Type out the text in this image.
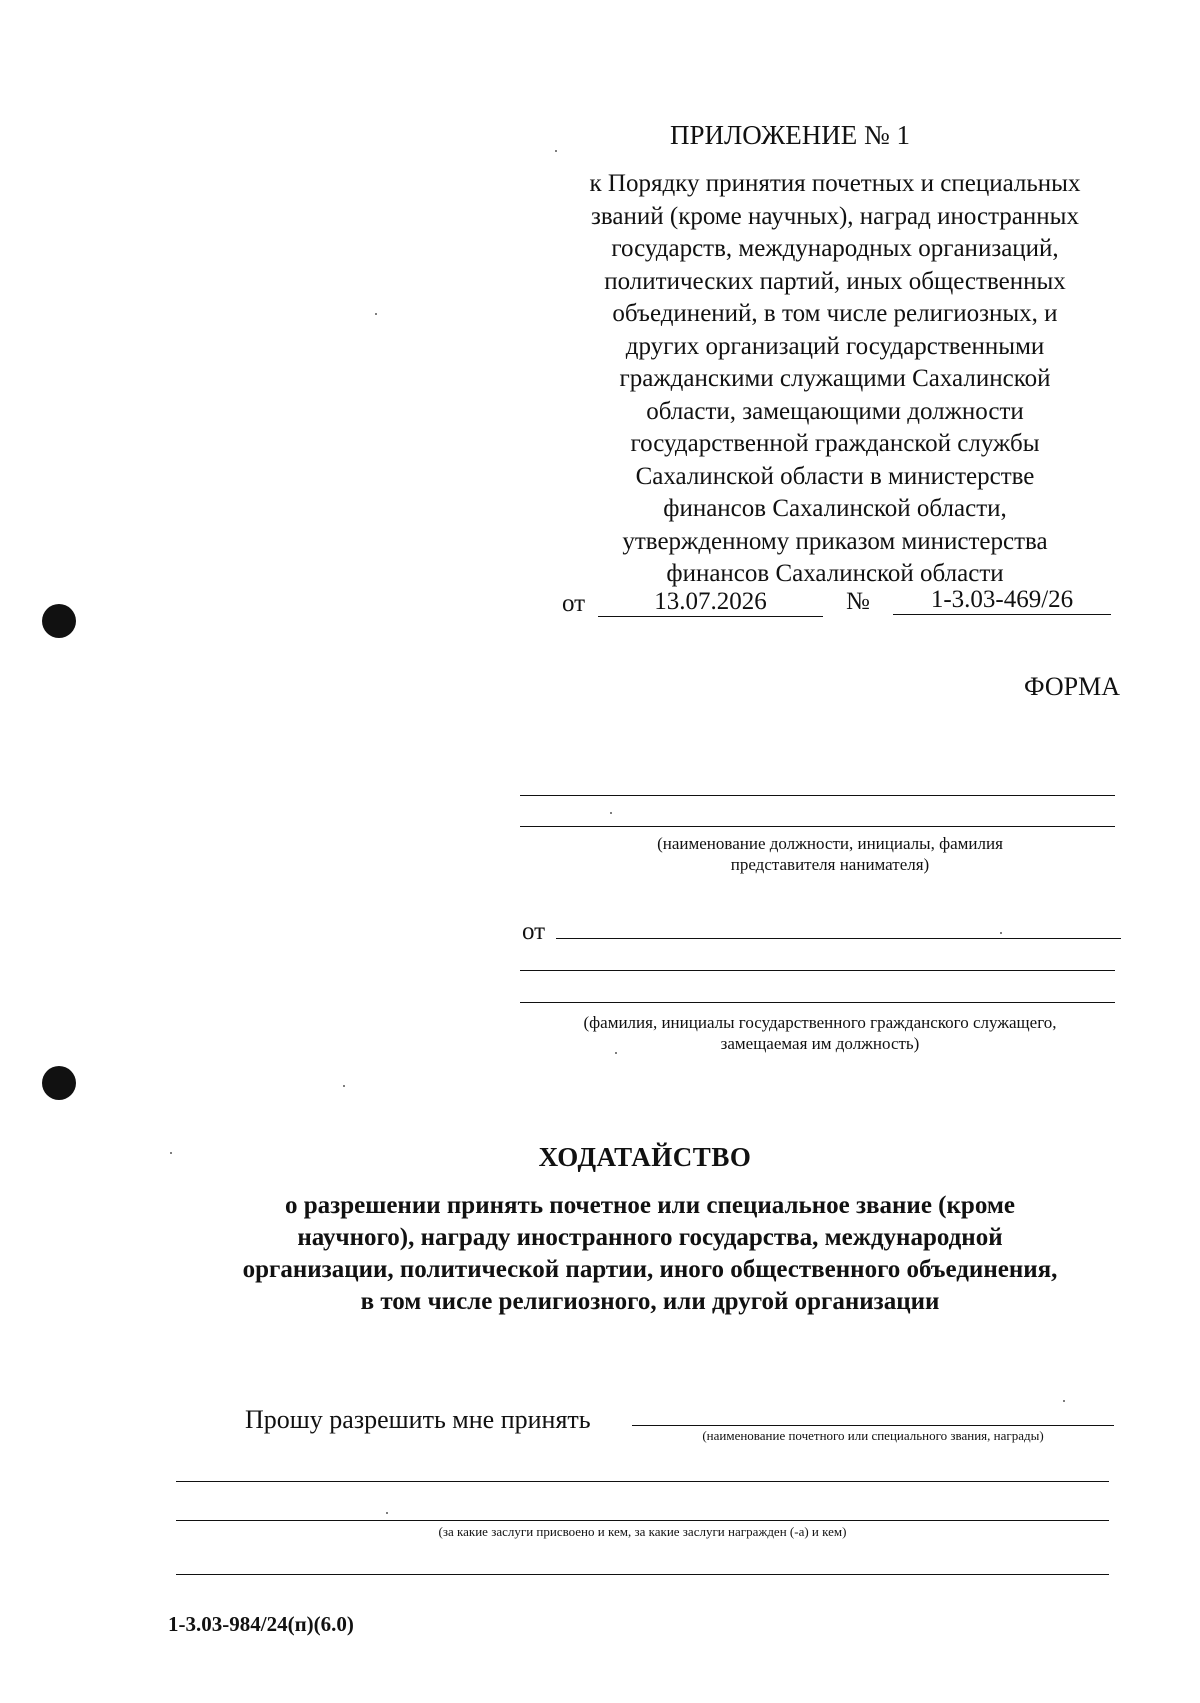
ПРИЛОЖЕНИЕ № 1
к Порядку принятия почетных и специальных
званий (кроме научных), наград иностранных
государств, международных организаций,
политических партий, иных общественных
объединений, в том числе религиозных, и
других организаций государственными
гражданскими служащими Сахалинской
области, замещающими должности
государственной гражданской службы
Сахалинской области в министерстве
финансов Сахалинской области,
утвержденному приказом министерства
финансов Сахалинской области
от	13.07.2026	№	1-3.03-469/26
ФОРМА
(наименование должности, инициалы, фамилия
представителя нанимателя)
от
(фамилия, инициалы государственного гражданского служащего,
замещаемая им должность)
ХОДАТАЙСТВО
о разрешении принять почетное или специальное звание (кроме
научного), награду иностранного государства, международной
организации, политической партии, иного общественного объединения,
в том числе религиозного, или другой организации
Прошу разрешить мне принять
(наименование почетного или специального звания, награды)
(за какие заслуги присвоено и кем, за какие заслуги награжден (-а) и кем)
1-3.03-984/24(п)(6.0)
